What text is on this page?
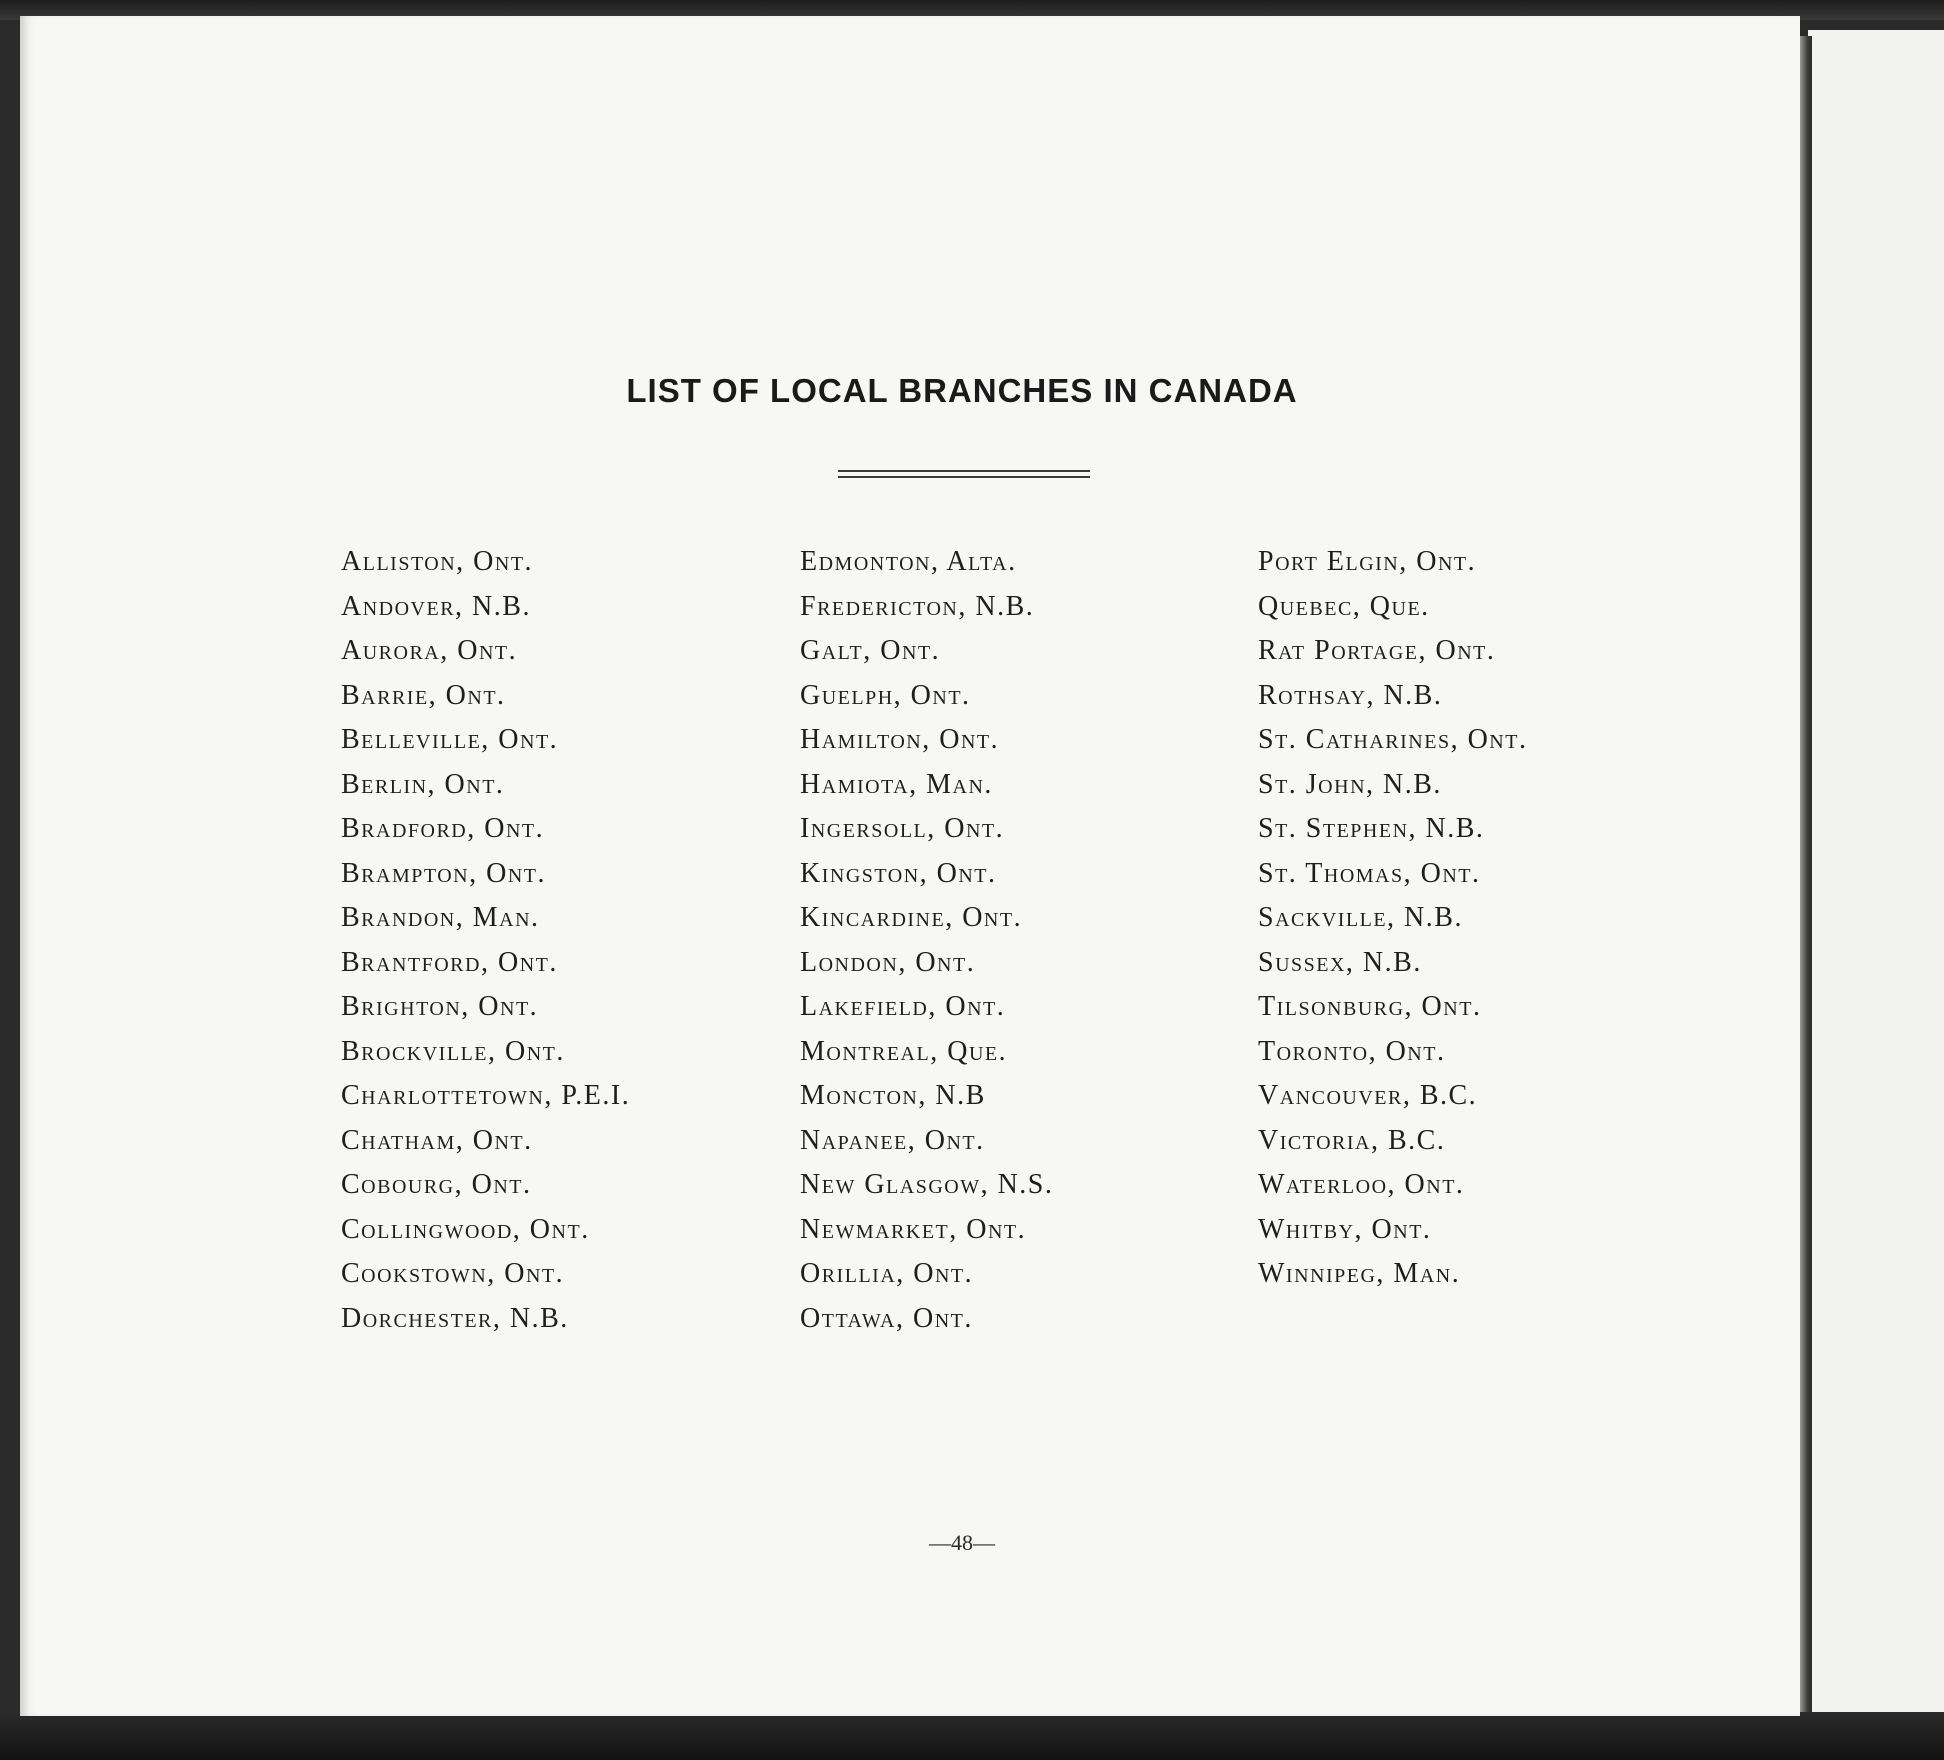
LIST OF LOCAL BRANCHES IN CANADA
Alliston, Ont.
Andover, N.B.
Aurora, Ont.
Barrie, Ont.
Belleville, Ont.
Berlin, Ont.
Bradford, Ont.
Brampton, Ont.
Brandon, Man.
Brantford, Ont.
Brighton, Ont.
Brockville, Ont.
Charlottetown, P.E.I.
Chatham, Ont.
Cobourg, Ont.
Collingwood, Ont.
Cookstown, Ont.
Dorchester, N.B.
Edmonton, Alta.
Fredericton, N.B.
Galt, Ont.
Guelph, Ont.
Hamilton, Ont.
Hamiota, Man.
Ingersoll, Ont.
Kingston, Ont.
Kincardine, Ont.
London, Ont.
Lakefield, Ont.
Montreal, Que.
Moncton, N.B
Napanee, Ont.
New Glasgow, N.S.
Newmarket, Ont.
Orillia, Ont.
Ottawa, Ont.
Port Elgin, Ont.
Quebec, Que.
Rat Portage, Ont.
Rothsay, N.B.
St. Catharines, Ont.
St. John, N.B.
St. Stephen, N.B.
St. Thomas, Ont.
Sackville, N.B.
Sussex, N.B.
Tilsonburg, Ont.
Toronto, Ont.
Vancouver, B.C.
Victoria, B.C.
Waterloo, Ont.
Whitby, Ont.
Winnipeg, Man.
—48—
